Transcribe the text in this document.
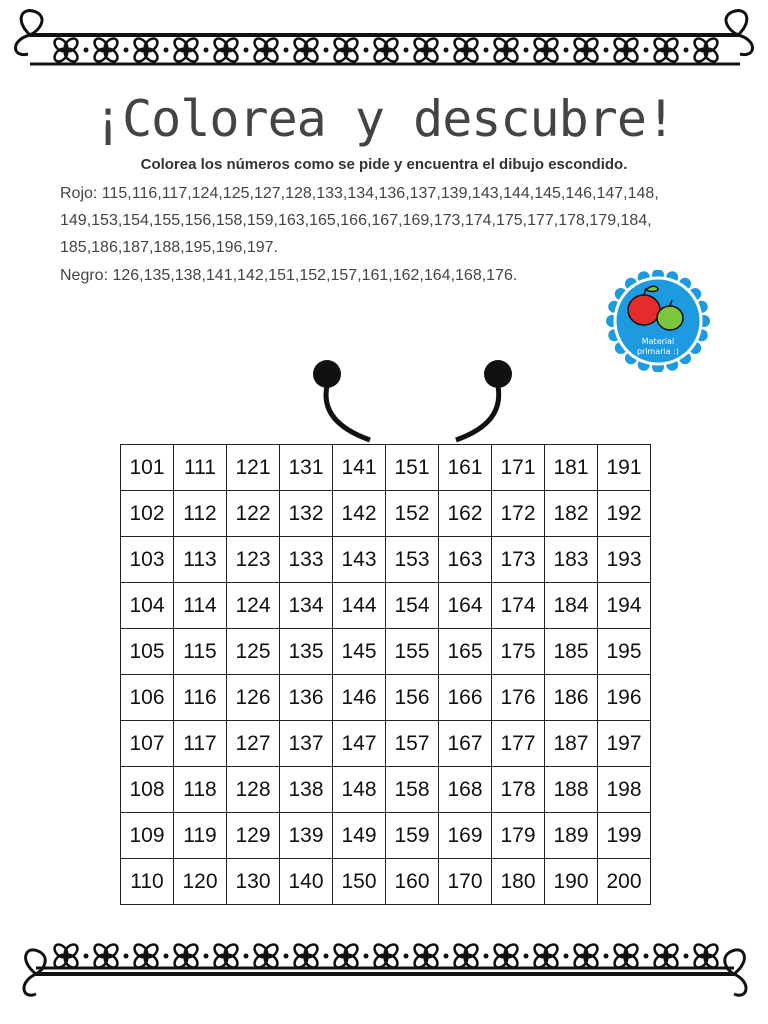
¡Colorea y descubre!
Colorea los números como se pide y encuentra el dibujo escondido.
Rojo: 115,116,117,124,125,127,128,133,134,136,137,139,143,144,145,146,147,148, 149,153,154,155,156,158,159,163,165,166,167,169,173,174,175,177,178,179,184, 185,186,187,188,195,196,197.
Negro: 126,135,138,141,142,151,152,157,161,162,164,168,176.
Material
primaria :)
101	111	121	131	141	151	161	171	181	191
102	112	122	132	142	152	162	172	182	192
103	113	123	133	143	153	163	173	183	193
104	114	124	134	144	154	164	174	184	194
105	115	125	135	145	155	165	175	185	195
106	116	126	136	146	156	166	176	186	196
107	117	127	137	147	157	167	177	187	197
108	118	128	138	148	158	168	178	188	198
109	119	129	139	149	159	169	179	189	199
110	120	130	140	150	160	170	180	190	200
